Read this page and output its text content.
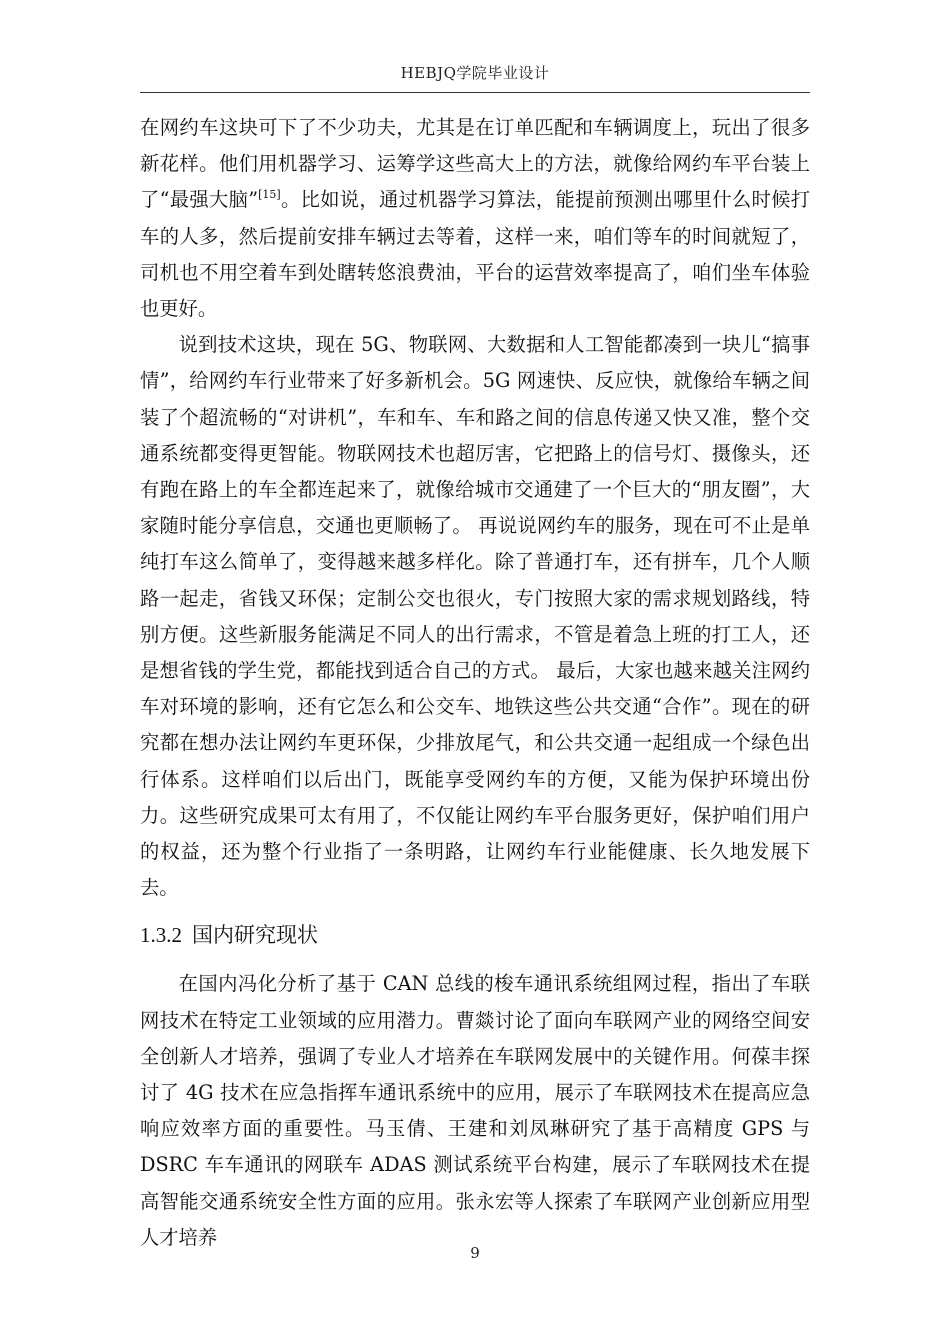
HEBJQ学院毕业设计

在网约车这块可下了不少功夫，尤其是在订单匹配和车辆调度上，玩出了很多新花样。他们用机器学习、运筹学这些高大上的方法，就像给网约车平台装上了“最强大脑”[15]。比如说，通过机器学习算法，能提前预测出哪里什么时候打车的人多，然后提前安排车辆过去等着，这样一来，咱们等车的时间就短了，司机也不用空着车到处瞎转悠浪费油，平台的运营效率提高了，咱们坐车体验也更好。

说到技术这块，现在 5G、物联网、大数据和人工智能都凑到一块儿“搞事情”，给网约车行业带来了好多新机会。5G 网速快、反应快，就像给车辆之间装了个超流畅的“对讲机”，车和车、车和路之间的信息传递又快又准，整个交通系统都变得更智能。物联网技术也超厉害，它把路上的信号灯、摄像头，还有跑在路上的车全都连起来了，就像给城市交通建了一个巨大的“朋友圈”，大家随时能分享信息，交通也更顺畅了。 再说说网约车的服务，现在可不止是单纯打车这么简单了，变得越来越多样化。除了普通打车，还有拼车，几个人顺路一起走，省钱又环保；定制公交也很火，专门按照大家的需求规划路线，特别方便。这些新服务能满足不同人的出行需求，不管是着急上班的打工人，还是想省钱的学生党，都能找到适合自己的方式。 最后，大家也越来越关注网约车对环境的影响，还有它怎么和公交车、地铁这些公共交通“合作”。现在的研究都在想办法让网约车更环保，少排放尾气，和公共交通一起组成一个绿色出行体系。这样咱们以后出门，既能享受网约车的方便，又能为保护环境出份力。这些研究成果可太有用了，不仅能让网约车平台服务更好，保护咱们用户的权益，还为整个行业指了一条明路，让网约车行业能健康、长久地发展下去。

1.3.2 国内研究现状

在国内冯化分析了基于 CAN 总线的梭车通讯系统组网过程，指出了车联网技术在特定工业领域的应用潜力。曹燚讨论了面向车联网产业的网络空间安全创新人才培养，强调了专业人才培养在车联网发展中的关键作用。何葆丰探讨了 4G 技术在应急指挥车通讯系统中的应用，展示了车联网技术在提高应急响应效率方面的重要性。马玉倩、王建和刘凤琳研究了基于高精度 GPS 与 DSRC 车车通讯的网联车 ADAS 测试系统平台构建，展示了车联网技术在提高智能交通系统安全性方面的应用。张永宏等人探索了车联网产业创新应用型人才培养

9
